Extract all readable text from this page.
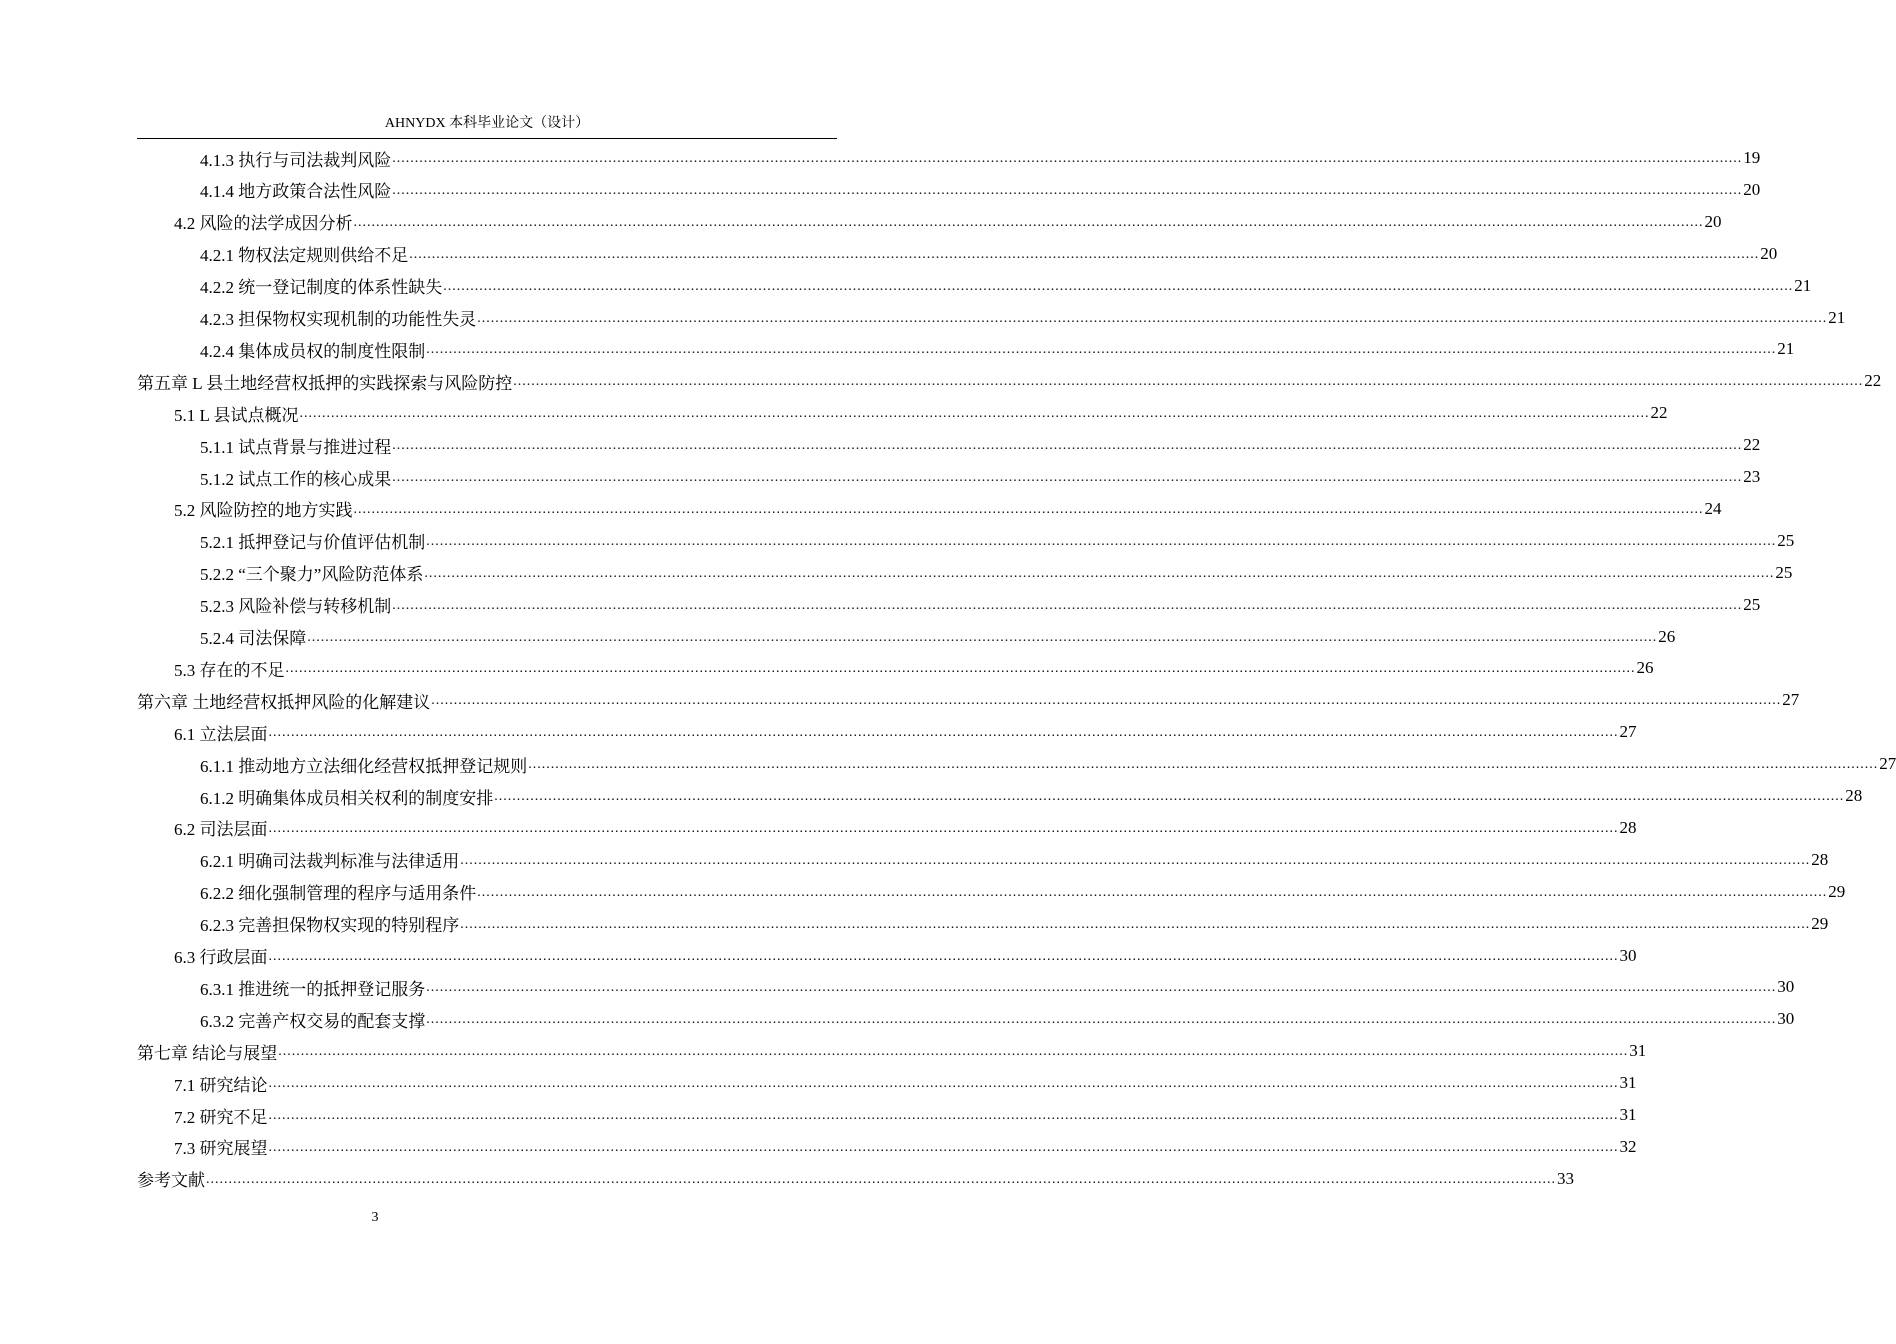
AHNYDX 本科毕业论文（设计）
4.1.3 执行与司法裁判风险 ............................................................................................................................................................................................................................................................................................................ 19
4.1.4 地方政策合法性风险 ............................................................................................................................................................................................................................................................................................................ 20
4.2 风险的法学成因分析 ............................................................................................................................................................................................................................................................................................................ 20
4.2.1 物权法定规则供给不足 ............................................................................................................................................................................................................................................................................................................ 20
4.2.2 统一登记制度的体系性缺失 ............................................................................................................................................................................................................................................................................................................ 21
4.2.3 担保物权实现机制的功能性失灵 ............................................................................................................................................................................................................................................................................................................ 21
4.2.4 集体成员权的制度性限制 ............................................................................................................................................................................................................................................................................................................ 21
第五章 L 县土地经营权抵押的实践探索与风险防控 ............................................................................................................................................................................................................................................................................................................ 22
5.1 L 县试点概况 ............................................................................................................................................................................................................................................................................................................ 22
5.1.1 试点背景与推进过程 ............................................................................................................................................................................................................................................................................................................ 22
5.1.2 试点工作的核心成果 ............................................................................................................................................................................................................................................................................................................ 23
5.2 风险防控的地方实践 ............................................................................................................................................................................................................................................................................................................ 24
5.2.1 抵押登记与价值评估机制 ............................................................................................................................................................................................................................................................................................................ 25
5.2.2 “三个聚力”风险防范体系 ............................................................................................................................................................................................................................................................................................................ 25
5.2.3 风险补偿与转移机制 ............................................................................................................................................................................................................................................................................................................ 25
5.2.4 司法保障 ............................................................................................................................................................................................................................................................................................................ 26
5.3 存在的不足 ............................................................................................................................................................................................................................................................................................................ 26
第六章 土地经营权抵押风险的化解建议 ............................................................................................................................................................................................................................................................................................................ 27
6.1 立法层面 ............................................................................................................................................................................................................................................................................................................ 27
6.1.1 推动地方立法细化经营权抵押登记规则 ............................................................................................................................................................................................................................................................................................................ 27
6.1.2 明确集体成员相关权利的制度安排 ............................................................................................................................................................................................................................................................................................................ 28
6.2 司法层面 ............................................................................................................................................................................................................................................................................................................ 28
6.2.1 明确司法裁判标准与法律适用 ............................................................................................................................................................................................................................................................................................................ 28
6.2.2 细化强制管理的程序与适用条件 ............................................................................................................................................................................................................................................................................................................ 29
6.2.3 完善担保物权实现的特别程序 ............................................................................................................................................................................................................................................................................................................ 29
6.3 行政层面 ............................................................................................................................................................................................................................................................................................................ 30
6.3.1 推进统一的抵押登记服务 ............................................................................................................................................................................................................................................................................................................ 30
6.3.2 完善产权交易的配套支撑 ............................................................................................................................................................................................................................................................................................................ 30
第七章 结论与展望 ............................................................................................................................................................................................................................................................................................................ 31
7.1 研究结论 ............................................................................................................................................................................................................................................................................................................ 31
7.2 研究不足 ............................................................................................................................................................................................................................................................................................................ 31
7.3 研究展望 ............................................................................................................................................................................................................................................................................................................ 32
参考文献 ............................................................................................................................................................................................................................................................................................................ 33
3
